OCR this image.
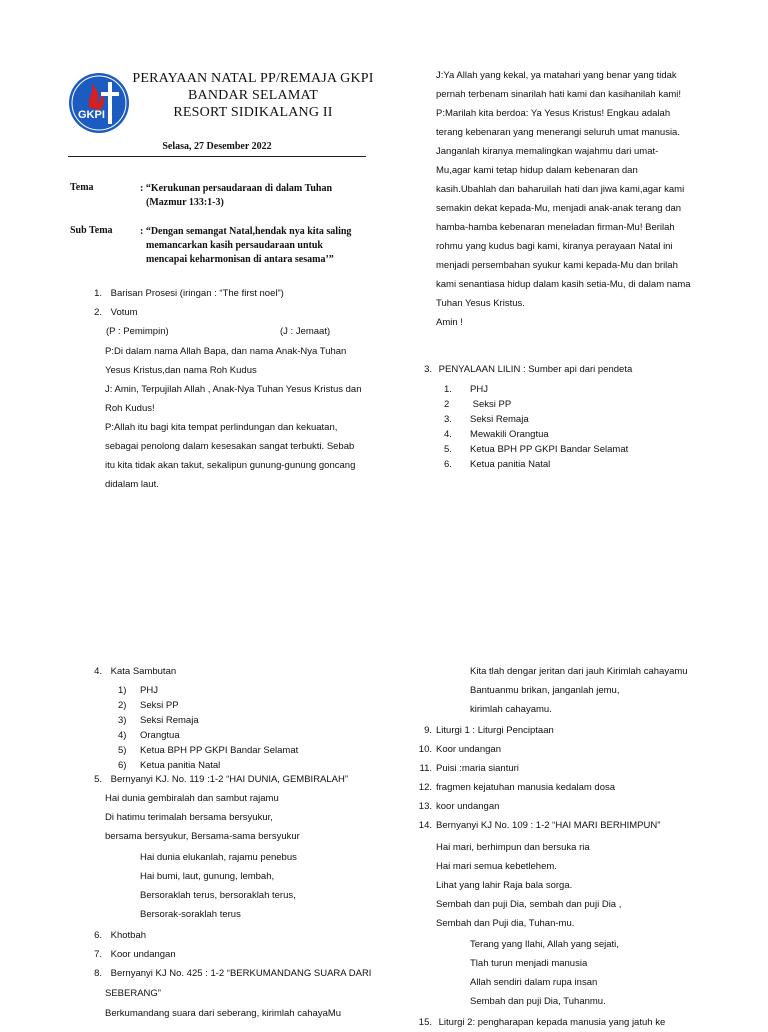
GKPI
PERAYAAN NATAL PP/REMAJA GKPI
BANDAR SELAMAT
RESORT SIDIKALANG II
Selasa, 27 Desember 2022
Tema	: “Kerukunan persaudaraan di dalam Tuhan
(Mazmur 133:1-3)
Sub Tema	: “Dengan semangat Natal,hendak nya kita saling
memancarkan kasih persaudaraan untuk
mencapai keharmonisan di antara sesama’”
1. Barisan Prosesi (iringan : “The first noel”)
2. Votum
(P : Pemimpin)	(J : Jemaat)
P:Di dalam nama Allah Bapa, dan nama Anak-Nya Tuhan
Yesus Kristus,dan nama Roh Kudus
J: Amin, Terpujilah Allah , Anak-Nya Tuhan Yesus Kristus dan
Roh Kudus!
P:Allah itu bagi kita tempat perlindungan dan kekuatan,
sebagai penolong dalam kesesakan sangat terbukti. Sebab
itu kita tidak akan takut, sekalipun gunung-gunung goncang
didalam laut.
J:Ya Allah yang kekal, ya matahari yang benar yang tidak
pernah terbenam sinarilah hati kami dan kasihanilah kami!
P:Marilah kita berdoa: Ya Yesus Kristus! Engkau adalah
terang kebenaran yang menerangi seluruh umat manusia.
Janganlah kiranya memalingkan wajahmu dari umat-
Mu,agar kami tetap hidup dalam kebenaran dan
kasih.Ubahlah dan baharuilah hati dan jiwa kami,agar kami
semakin dekat kepada-Mu, menjadi anak-anak terang dan
hamba-hamba kebenaran meneladan firman-Mu! Berilah
rohmu yang kudus bagi kami, kiranya perayaan Natal ini
menjadi persembahan syukur kami kepada-Mu dan brilah
kami senantiasa hidup dalam kasih setia-Mu, di dalam nama
Tuhan Yesus Kristus.
Amin !
3. PENYALAAN LILIN : Sumber api dari pendeta
1. PHJ
2 Seksi PP
3. Seksi Remaja
4. Mewakili Orangtua
5. Ketua BPH PP GKPI Bandar Selamat
6. Ketua panitia Natal
4. Kata Sambutan
1) PHJ
2) Seksi PP
3) Seksi Remaja
4) Orangtua
5) Ketua BPH PP GKPI Bandar Selamat
6) Ketua panitia Natal
5. Bernyanyi KJ. No. 119 :1-2 “HAI DUNIA, GEMBIRALAH”
Hai dunia gembiralah dan sambut rajamu
Di hatimu terimalah bersama bersyukur,
bersama bersyukur, Bersama-sama bersyukur
Hai dunia elukanlah, rajamu penebus
Hai bumi, laut, gunung, lembah,
Bersoraklah terus, bersoraklah terus,
Bersorak-soraklah terus
6. Khotbah
7. Koor undangan
8. Bernyanyi KJ No. 425 : 1-2 “BERKUMANDANG SUARA DARI
SEBERANG”
Berkumandang suara dari seberang, kirimlah cahayaMu
Kita tlah dengar jeritan dari jauh Kirimlah cahayamu
Bantuanmu brikan, janganlah jemu,
kirimlah cahayamu.
9. Liturgi 1 : Liturgi Penciptaan
10. Koor undangan
11. Puisi :maria sianturi
12. fragmen kejatuhan manusia kedalam dosa
13. koor undangan
14. Bernyanyi KJ No. 109 : 1-2 “HAI MARI BERHIMPUN”
Hai mari, berhimpun dan bersuka ria
Hai mari semua kebetlehem.
Lihat yang lahir Raja bala sorga.
Sembah dan puji Dia, sembah dan puji Dia ,
Sembah dan Puji dia, Tuhan-mu.
Terang yang Ilahi, Allah yang sejati,
Tlah turun menjadi manusia
Allah sendiri dalam rupa insan
Sembah dan puji Dia, Tuhanmu.
15. Liturgi 2: pengharapan kepada manusia yang jatuh ke
